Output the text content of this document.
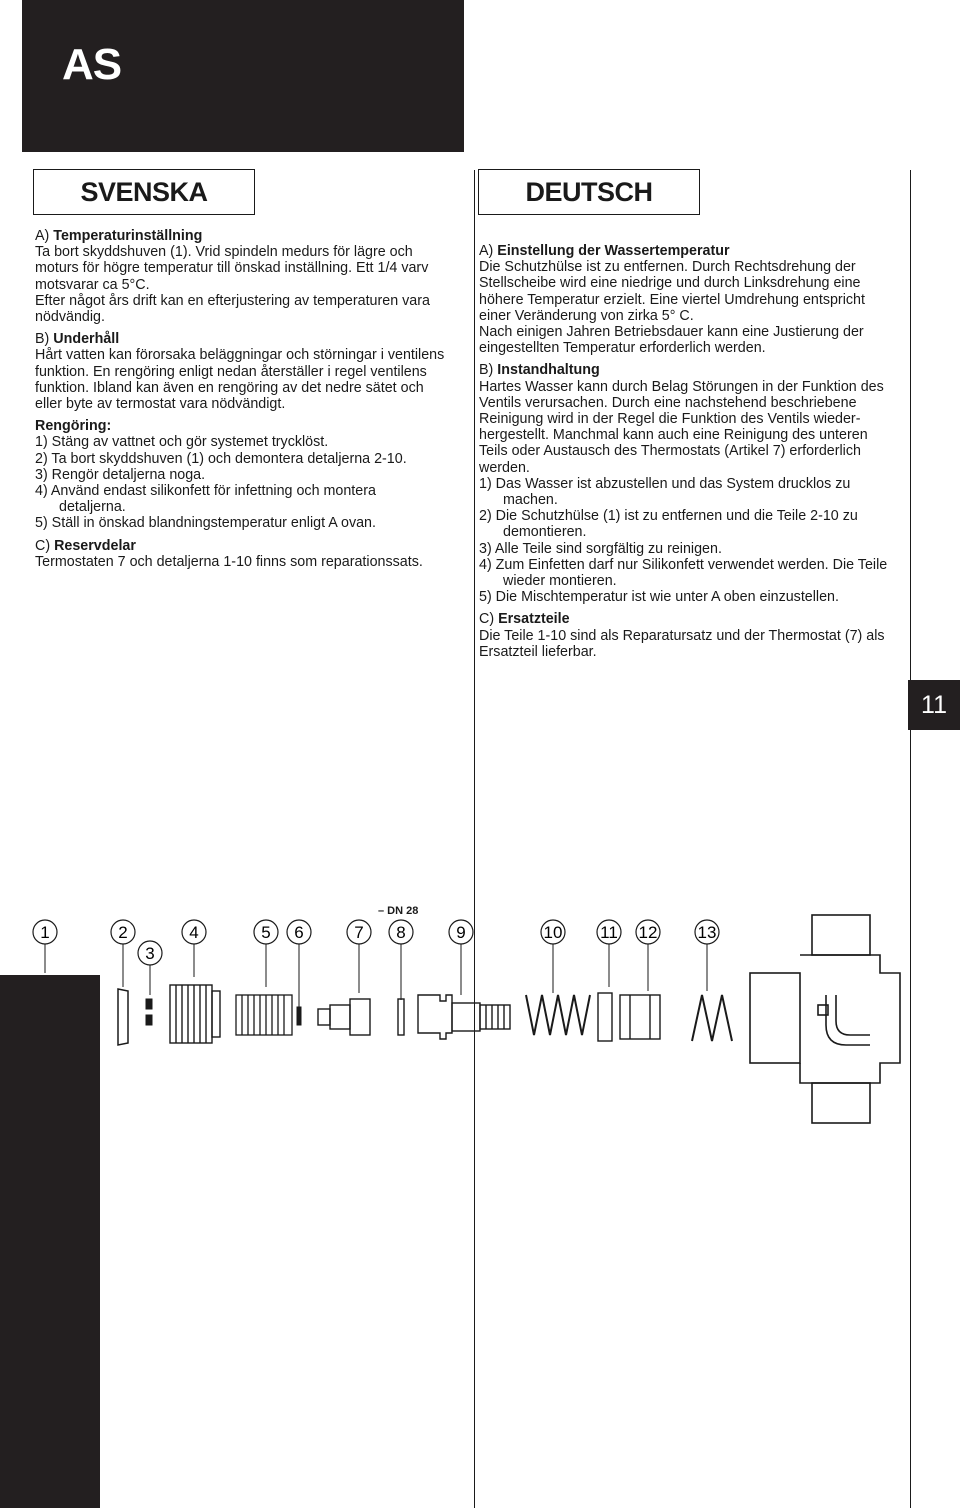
AS
SVENSKA	DEUTSCH

A) Temperaturinställning

Ta bort skyddshuven (1). Vrid spindeln medurs för lägre och

moturs för högre temperatur till önskad inställning. Ett 1/4 varv

motsvarar ca 5°C.

Efter något års drift kan en efterjustering av temperaturen vara

nödvändig.

B) Underhåll

Hårt vatten kan förorsaka beläggningar och störningar i ventilens

funktion. En rengöring enligt nedan återställer i regel ventilens

funktion. Ibland kan även en rengöring av det nedre sätet och

eller byte av termostat vara nödvändigt.

Rengöring:

1) Stäng av vattnet och gör systemet trycklöst.

2) Ta bort skyddshuven (1) och demontera detaljerna 2-10.

3) Rengör detaljerna noga.

4) Använd endast silikonfett för infettning och montera

detaljerna.

5) Ställ in önskad blandningstemperatur enligt A ovan.

C) Reservdelar

Termostaten 7 och detaljerna 1-10 finns som reparationssats.

A) Einstellung der Wassertemperatur

Die Schutzhülse ist zu entfernen. Durch Rechtsdrehung der

Stellscheibe wird eine niedrige und durch Linksdrehung eine

höhere Temperatur erzielt. Eine viertel Umdrehung entspricht

einer Veränderung von zirka 5° C.

Nach einigen Jahren Betriebsdauer kann eine Justierung der

eingestellten Temperatur erforderlich werden.

B) Instandhaltung

Hartes Wasser kann durch Belag Störungen in der Funktion des

Ventils verursachen. Durch eine nachstehend beschriebene

Reinigung wird in der Regel die Funktion des Ventils wieder-

hergestellt. Manchmal kann auch eine Reinigung des unteren

Teils oder Austausch des Thermostats (Artikel 7) erforderlich

werden.

1) Das Wasser ist abzustellen und das System drucklos zu

machen.

2) Die Schutzhülse (1) ist zu entfernen und die Teile 2-10 zu

demontieren.

3) Alle Teile sind sorgfältig zu reinigen.

4) Zum Einfetten darf nur Silikonfett verwendet werden. Die Teile

wieder montieren.

5) Die Mischtemperatur ist wie unter A oben einzustellen.

C) Ersatzteile

Die Teile 1-10 sind als Reparatursatz und der Thermostat (7) als

Ersatzteil lieferbar.

11
– DN 28
1	2
3
4	5 6	7 8	9	10 11 12 13
